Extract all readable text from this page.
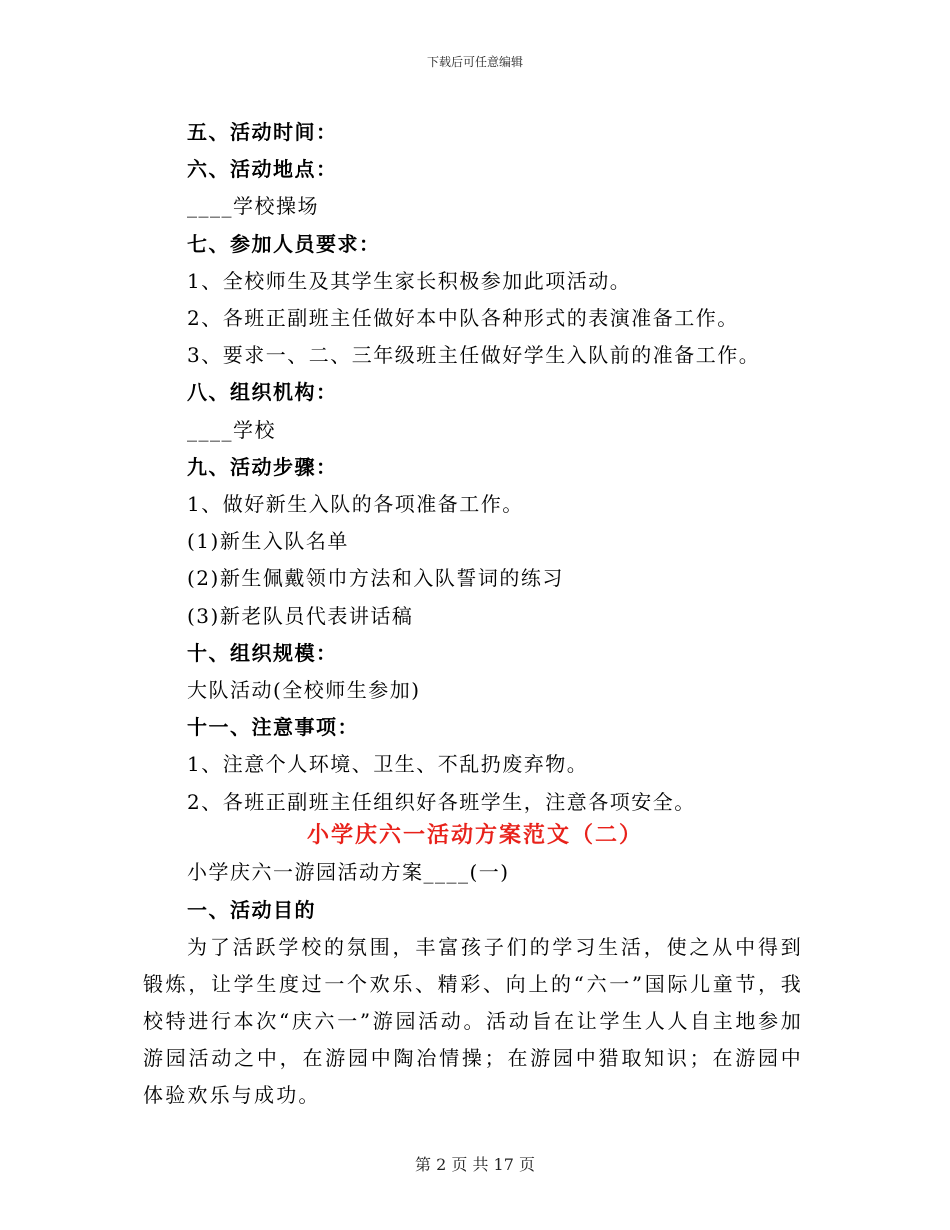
下载后可任意编辑
五、活动时间：
六、活动地点：
____学校操场
七、参加人员要求：
1、全校师生及其学生家长积极参加此项活动。
2、各班正副班主任做好本中队各种形式的表演准备工作。
3、要求一、二、三年级班主任做好学生入队前的准备工作。
八、组织机构：
____学校
九、活动步骤：
1、做好新生入队的各项准备工作。
(1)新生入队名单
(2)新生佩戴领巾方法和入队誓词的练习
(3)新老队员代表讲话稿
十、组织规模：
大队活动(全校师生参加)
十一、注意事项：
1、注意个人环境、卫生、不乱扔废弃物。
2、各班正副班主任组织好各班学生，注意各项安全。
小学庆六一活动方案范文（二）
小学庆六一游园活动方案____(一)
一、活动目的
为了活跃学校的氛围，丰富孩子们的学习生活，使之从中得到锻炼，让学生度过一个欢乐、精彩、向上的“六一”国际儿童节，我校特进行本次“庆六一”游园活动。活动旨在让学生人人自主地参加游园活动之中，在游园中陶冶情操；在游园中猎取知识；在游园中体验欢乐与成功。
第 2 页 共 17 页
